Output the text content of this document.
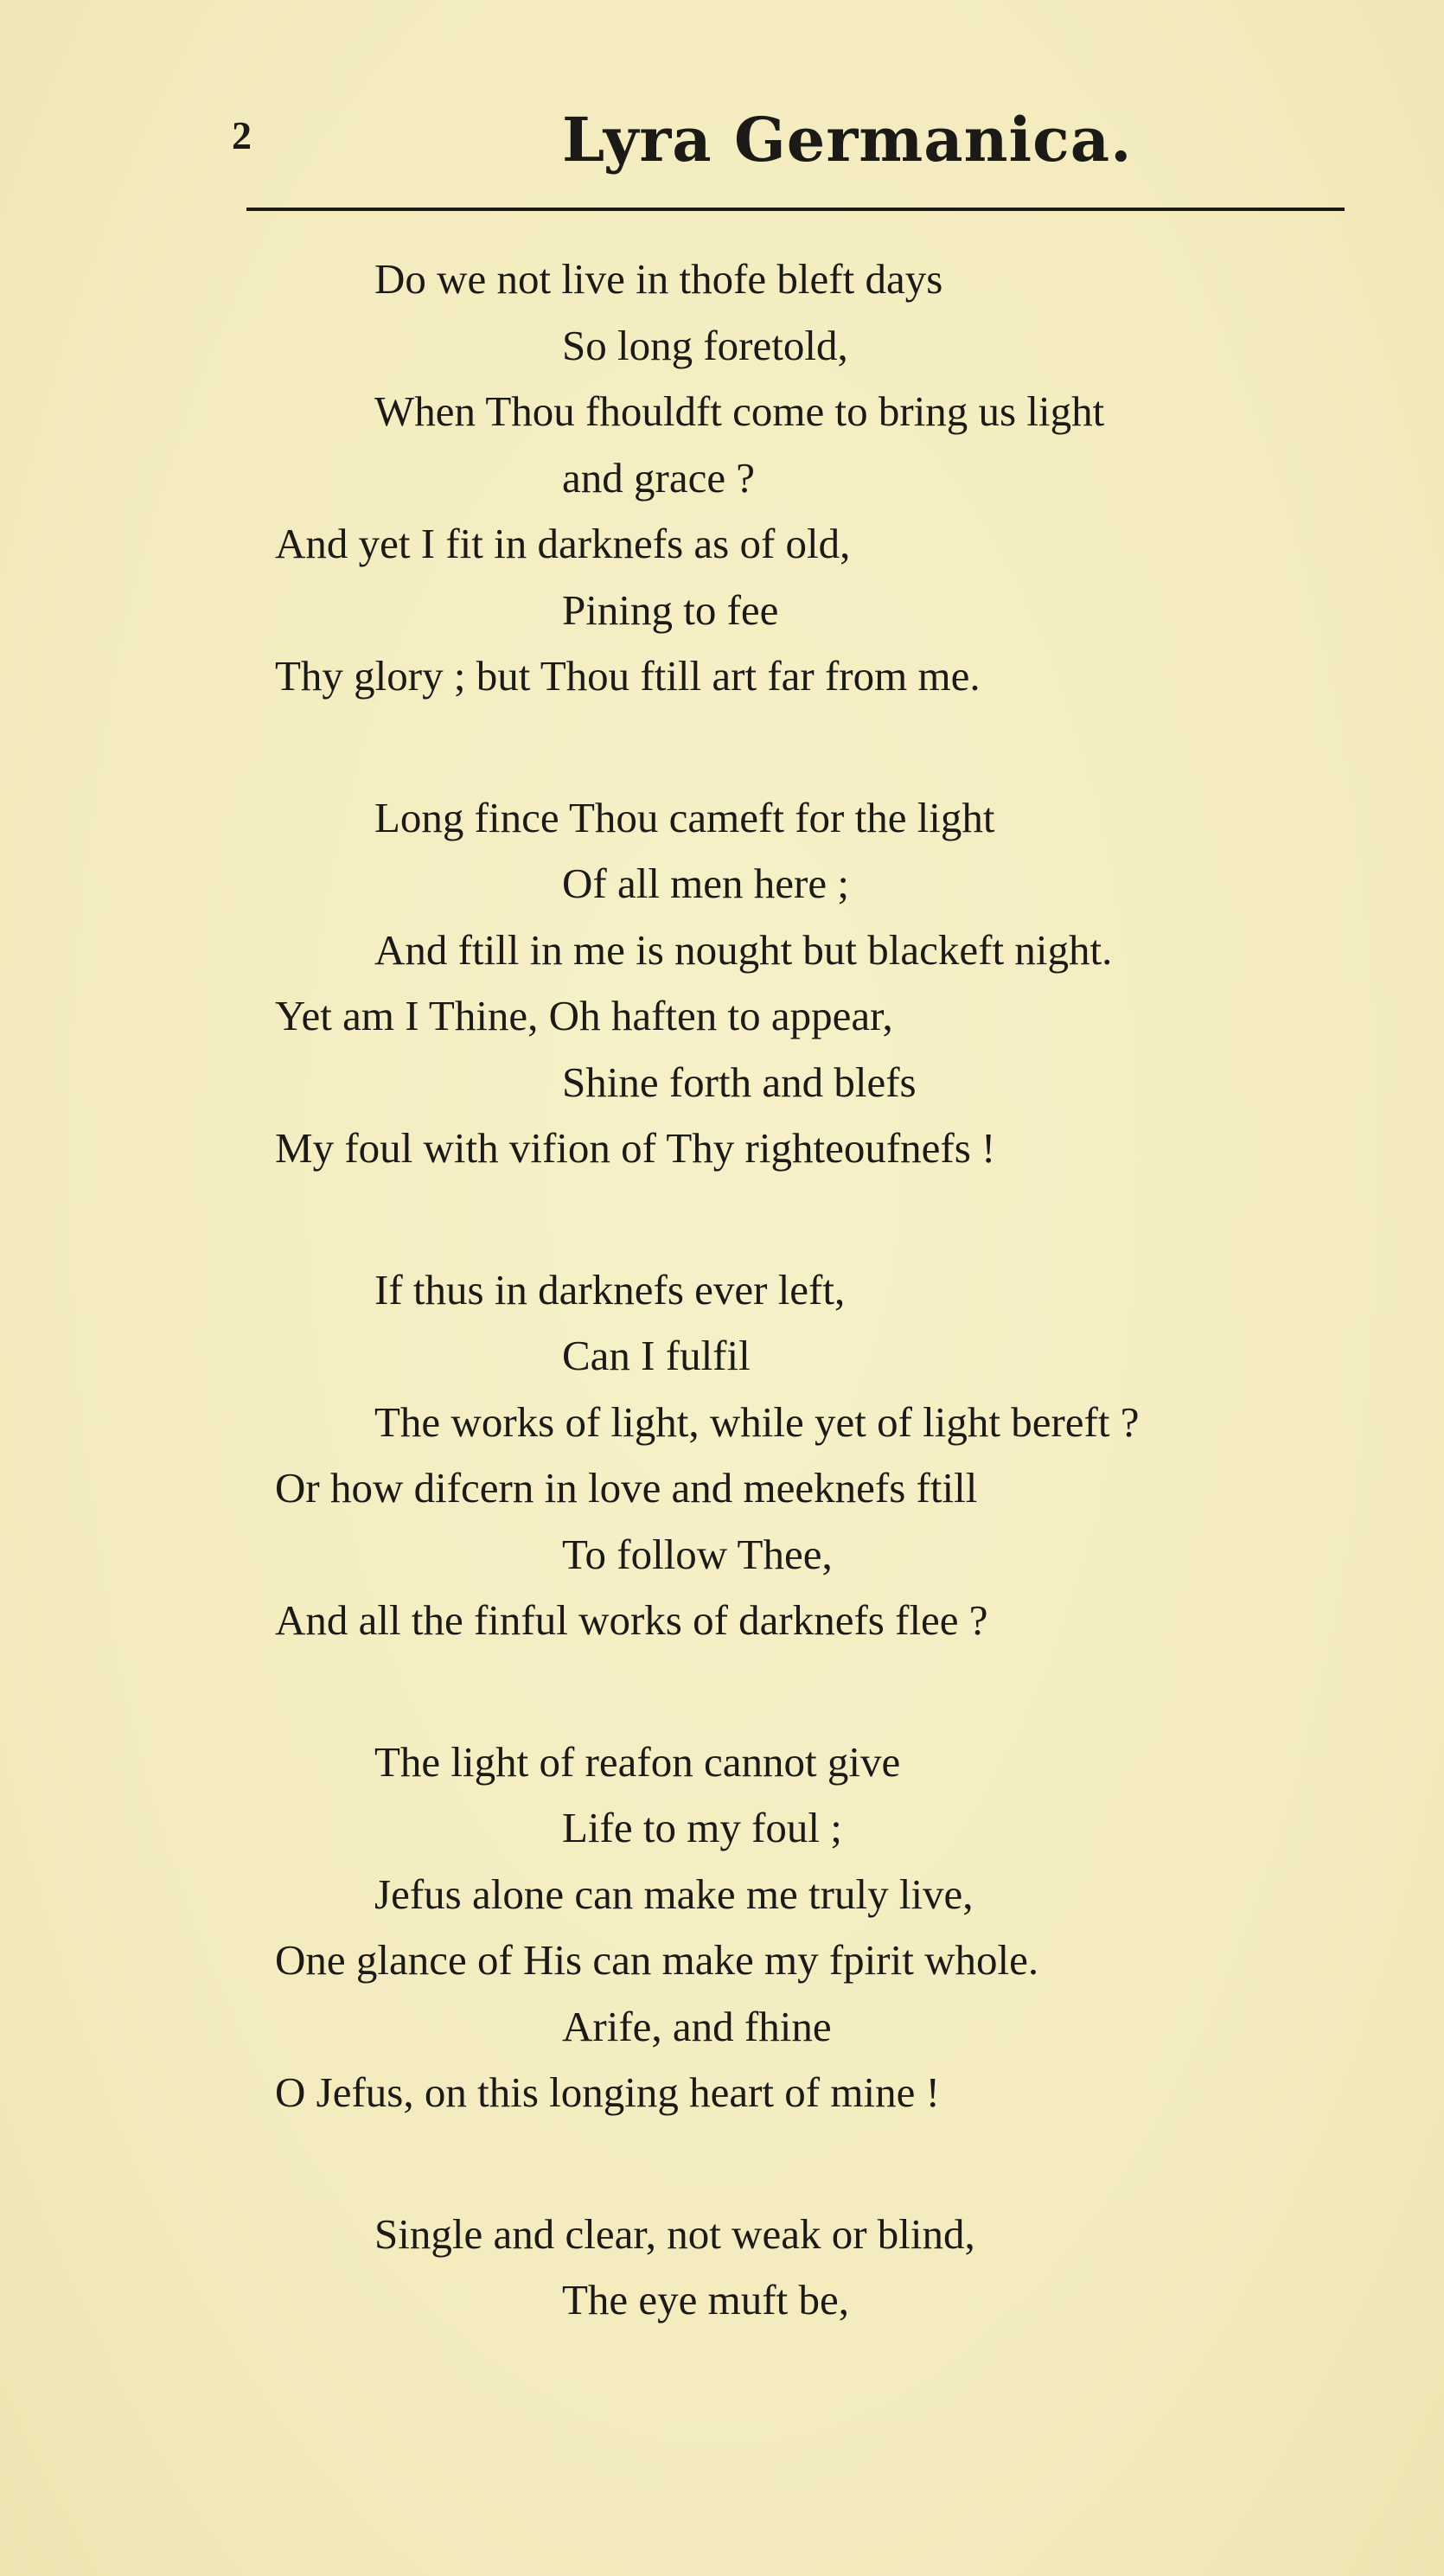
2	Lyra Germanica.
Do we not live in thofe bleft days
So long foretold,
When Thou fhouldft come to bring us light
and grace ?
And yet I fit in darknefs as of old,
Pining to fee
Thy glory ; but Thou ftill art far from me.
Long fince Thou cameft for the light
Of all men here ;
And ftill in me is nought but blackeft night.
Yet am I Thine, Oh haften to appear,
Shine forth and blefs
My foul with vifion of Thy righteoufnefs !
If thus in darknefs ever left,
Can I fulfil
The works of light, while yet of light bereft ?
Or how difcern in love and meeknefs ftill
To follow Thee,
And all the finful works of darknefs flee ?
The light of reafon cannot give
Life to my foul ;
Jefus alone can make me truly live,
One glance of His can make my fpirit whole.
Arife, and fhine
O Jefus, on this longing heart of mine !
Single and clear, not weak or blind,
The eye muft be,
